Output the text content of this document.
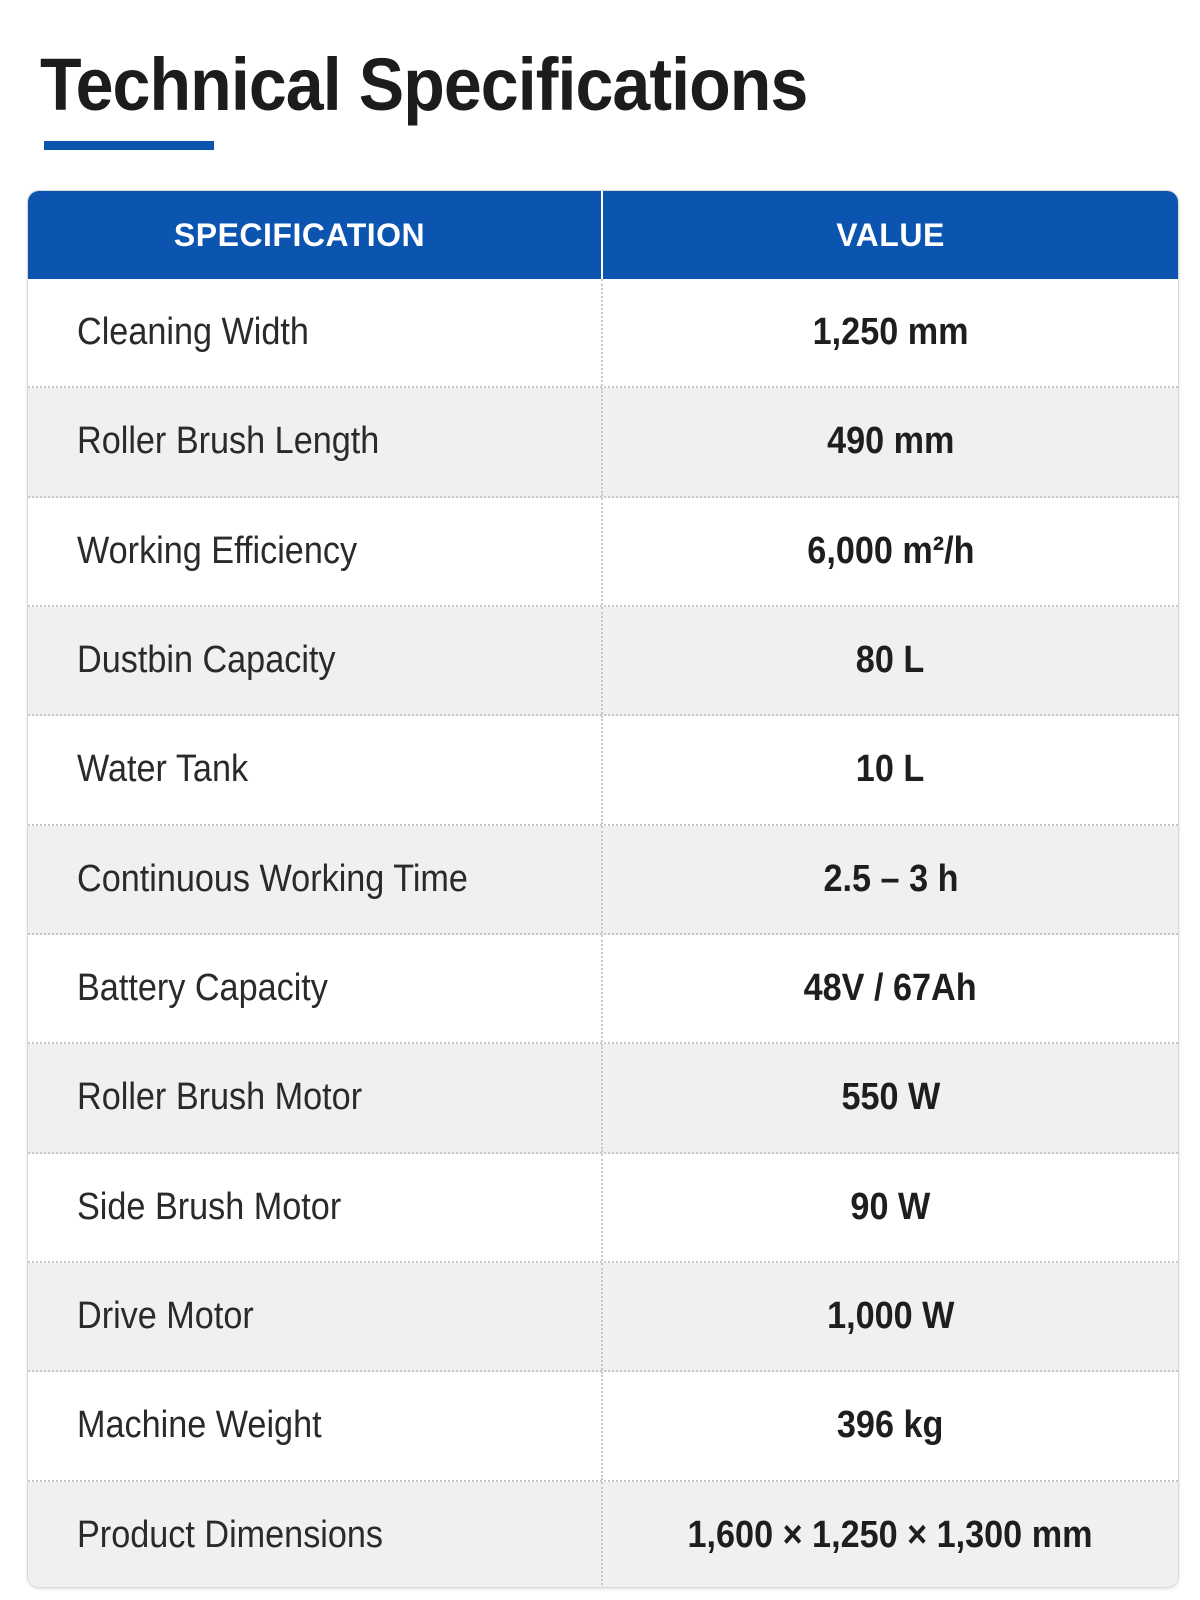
Technical Specifications
SPECIFICATION	VALUE
Cleaning Width	1,250 mm
Roller Brush Length	490 mm
Working Efficiency	6,000 m²/h
Dustbin Capacity	80 L
Water Tank	10 L
Continuous Working Time	2.5 – 3 h
Battery Capacity	48V / 67Ah
Roller Brush Motor	550 W
Side Brush Motor	90 W
Drive Motor	1,000 W
Machine Weight	396 kg
Product Dimensions	1,600 × 1,250 × 1,300 mm
